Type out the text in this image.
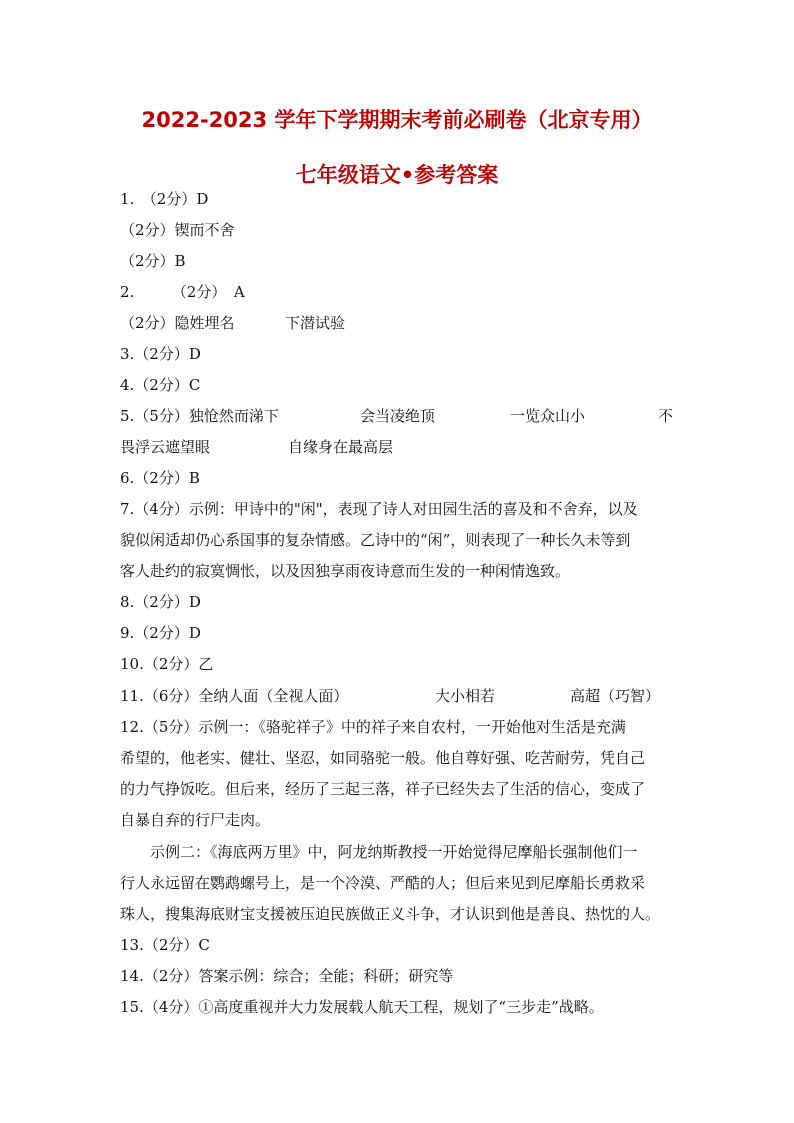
2022-2023 学年下学期期末考前必刷卷（北京专用）
七年级语文•参考答案
1.　（2分）D
（2分）锲而不舍
（2分）B
2.　　　（2分）　A
（2分）隐姓埋名	下潜试验
3.（2分）D
4.（2分）C
5.（5分）独怆然而涕下	会当凌绝顶	一览众山小	不
畏浮云遮望眼	自缘身在最高层
6.（2分）B
7.（4分）示例：甲诗中的"闲"，表现了诗人对田园生活的喜及和不舍弃，以及
貌似闲适却仍心系国事的复杂情感。乙诗中的“闲”，则表现了一种长久未等到
客人赴约的寂寞惆怅，以及因独享雨夜诗意而生发的一种闲情逸致。
8.（2分）D
9.（2分）D
10.（2分）乙
11.（6分）全纳人面（全视人面）	大小相若	高超（巧智）
12.（5分）示例一：《骆驼祥子》中的祥子来自农村，一开始他对生活是充满
希望的，他老实、健壮、坚忍，如同骆驼一般。他自尊好强、吃苦耐劳，凭自己
的力气挣饭吃。但后来，经历了三起三落，祥子已经失去了生活的信心，变成了
自暴自弃的行尸走肉。
示例二：《海底两万里》中，阿龙纳斯教授一开始觉得尼摩船长强制他们一
行人永远留在鹦鹉螺号上，是一个冷漠、严酷的人；但后来见到尼摩船长勇救采
珠人，搜集海底财宝支援被压迫民族做正义斗争，才认识到他是善良、热忱的人。
13.（2分）C
14.（2分）答案示例：综合；全能；科研；研究等
15.（4分）①高度重视并大力发展载人航天工程，规划了“三步走”战略。
